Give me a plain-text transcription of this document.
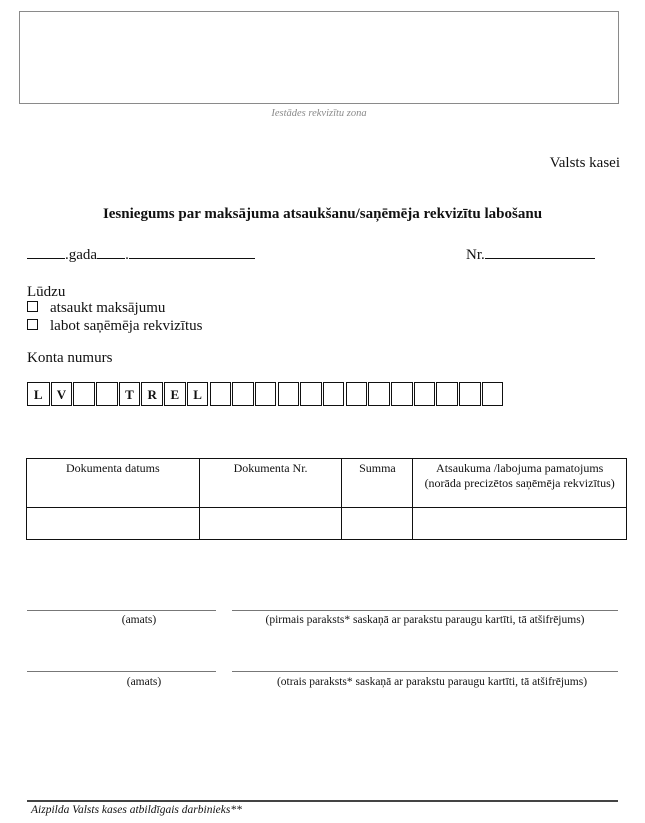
Iestādes rekvizītu zona
Valsts kasei
Iesniegums par maksājuma atsaukšanu/saņēmēja rekvizītu labošanu
.gada .	Nr.
Lūdzu
atsaukt maksājumu
labot saņēmēja rekvizītus
Konta numurs
L	V	T	R	E	L
Dokumenta datums	Dokumenta Nr.	Summa	Atsaukuma /labojuma pamatojums (norāda precizētos saņēmēja rekvizītus)

(amats)	(pirmais paraksts* saskaņā ar parakstu paraugu kartīti, tā atšifrējums)
(amats)	(otrais paraksts* saskaņā ar parakstu paraugu kartīti, tā atšifrējums)
Aizpilda Valsts kases atbildīgais darbinieks**
